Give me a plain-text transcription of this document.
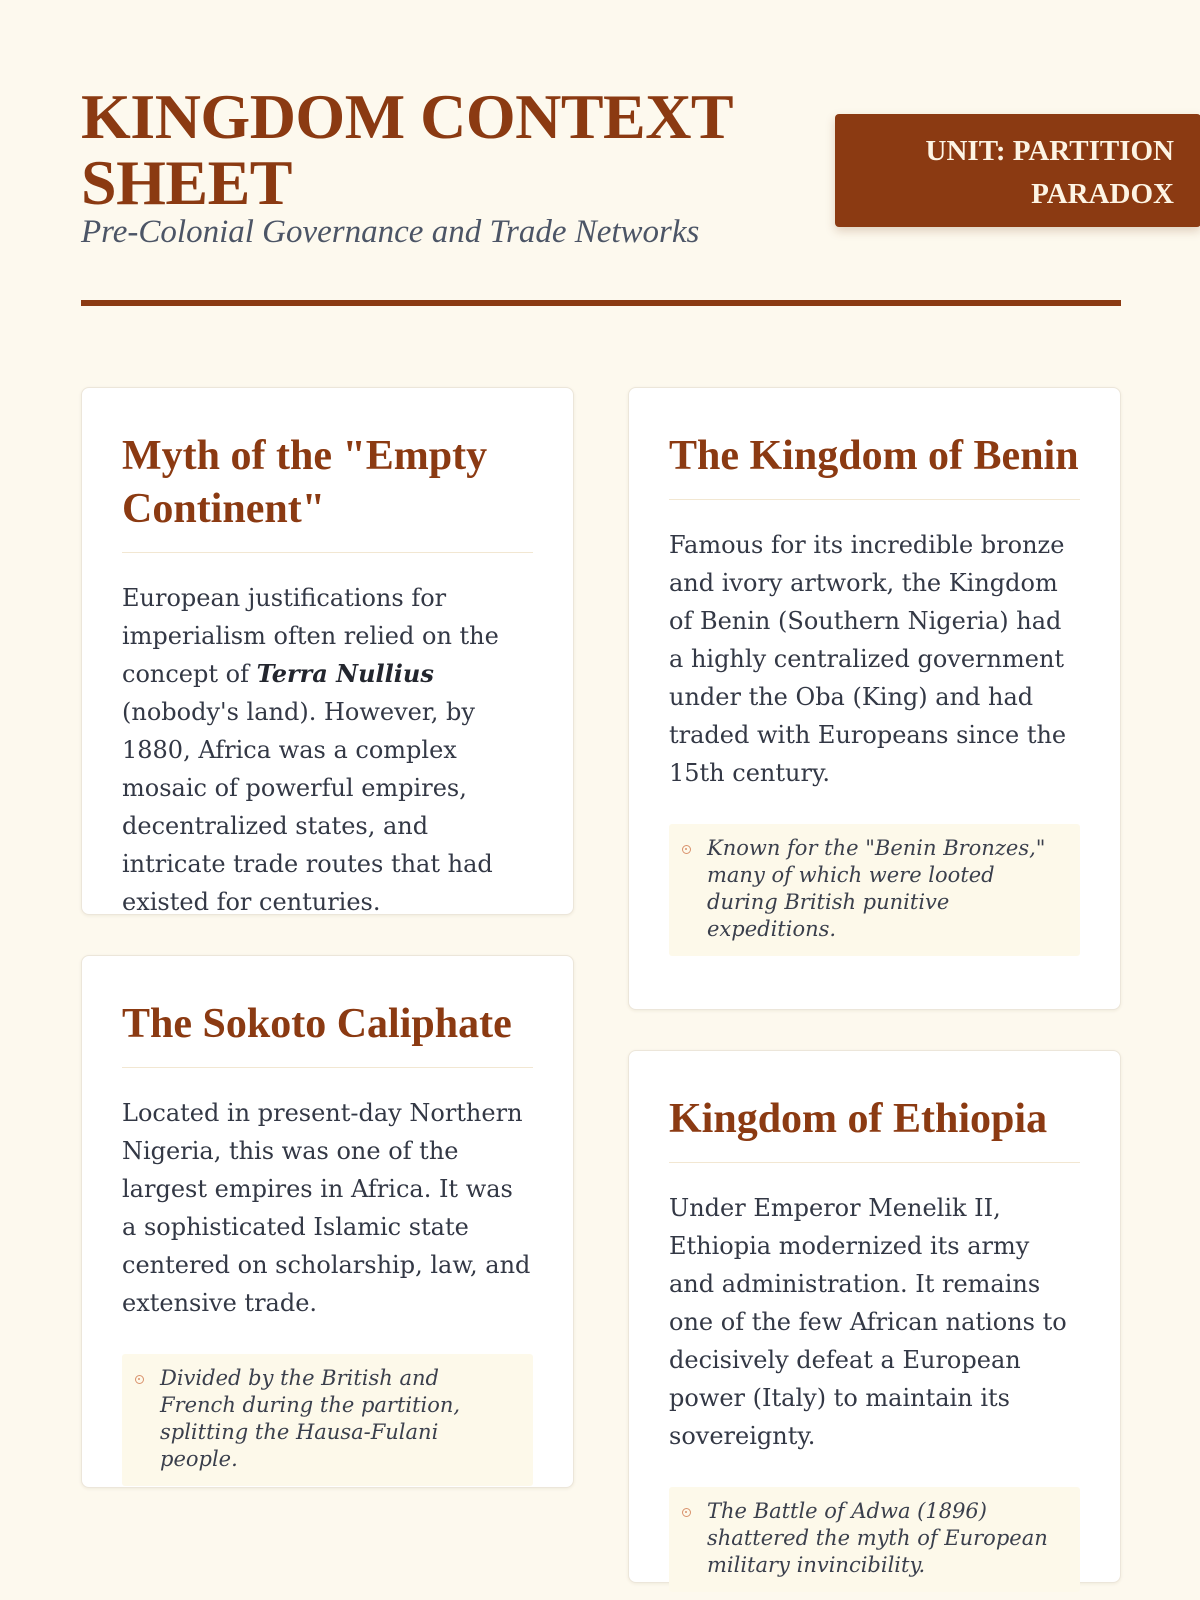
KINGDOM CONTEXT SHEET

Pre-Colonial Governance and Trade Networks

UNIT: PARTITION PARADOX
Myth of the "Empty Continent"

European justifications for imperialism often relied on the concept of Terra Nullius (nobody's land). However, by 1880, Africa was a complex mosaic of powerful empires, decentralized states, and intricate trade routes that had existed for centuries.

The Sokoto Caliphate

Located in present-day Northern Nigeria, this was one of the largest empires in Africa. It was a sophisticated Islamic state centered on scholarship, law, and extensive trade.

Divided by the British and French during the partition, splitting the Hausa-Fulani people.
The Kingdom of Benin

Famous for its incredible bronze and ivory artwork, the Kingdom of Benin (Southern Nigeria) had a highly centralized government under the Oba (King) and had traded with Europeans since the 15th century.

Known for the "Benin Bronzes," many of which were looted during British punitive expeditions.
Kingdom of Ethiopia

Under Emperor Menelik II, Ethiopia modernized its army and administration. It remains one of the few African nations to decisively defeat a European power (Italy) to maintain its sovereignty.

The Battle of Adwa (1896) shattered the myth of European military invincibility.
